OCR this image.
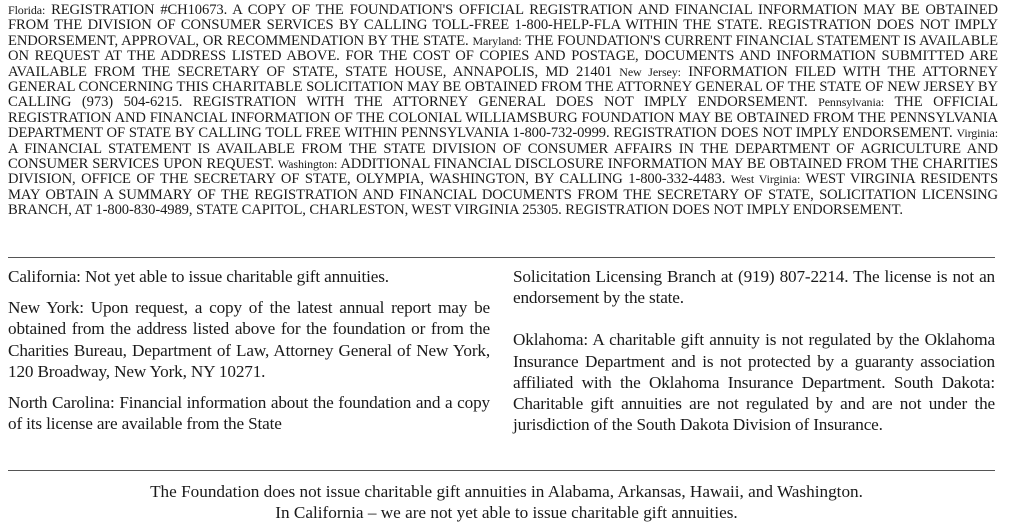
Florida: REGISTRATION #CH10673. A COPY OF THE FOUNDATION'S OFFICIAL REGISTRATION AND FINANCIAL INFORMATION MAY BE OBTAINED FROM THE DIVISION OF CONSUMER SERVICES BY CALLING TOLL-FREE 1-800-HELP-FLA WITHIN THE STATE. REGISTRATION DOES NOT IMPLY ENDORSEMENT, APPROVAL, OR RECOMMENDATION BY THE STATE. Maryland: THE FOUNDATION'S CURRENT FINANCIAL STATEMENT IS AVAILABLE ON REQUEST AT THE ADDRESS LISTED ABOVE. FOR THE COST OF COPIES AND POSTAGE, DOCUMENTS AND INFORMATION SUBMITTED ARE AVAILABLE FROM THE SECRETARY OF STATE, STATE HOUSE, ANNAPOLIS, MD 21401 New Jersey: INFORMATION FILED WITH THE ATTORNEY GENERAL CONCERNING THIS CHARITABLE SOLICITATION MAY BE OBTAINED FROM THE ATTORNEY GENERAL OF THE STATE OF NEW JERSEY BY CALLING (973) 504-6215. REGISTRATION WITH THE ATTORNEY GENERAL DOES NOT IMPLY ENDORSEMENT. Pennsylvania: THE OFFICIAL REGISTRATION AND FINANCIAL INFORMATION OF THE COLONIAL WILLIAMSBURG FOUNDATION MAY BE OBTAINED FROM THE PENNSYLVANIA DEPARTMENT OF STATE BY CALLING TOLL FREE WITHIN PENNSYLVANIA 1-800-732-0999. REGISTRATION DOES NOT IMPLY ENDORSEMENT. Virginia: A FINANCIAL STATEMENT IS AVAILABLE FROM THE STATE DIVISION OF CONSUMER AFFAIRS IN THE DEPARTMENT OF AGRICULTURE AND CONSUMER SERVICES UPON REQUEST. Washington: ADDITIONAL FINANCIAL DISCLOSURE INFORMATION MAY BE OBTAINED FROM THE CHARITIES DIVISION, OFFICE OF THE SECRETARY OF STATE, OLYMPIA, WASHINGTON, BY CALLING 1-800-332-4483. West Virginia: WEST VIRGINIA RESIDENTS MAY OBTAIN A SUMMARY OF THE REGISTRATION AND FINANCIAL DOCUMENTS FROM THE SECRETARY OF STATE, SOLICITATION LICENSING BRANCH, AT 1-800-830-4989, STATE CAPITOL, CHARLESTON, WEST VIRGINIA 25305. REGISTRATION DOES NOT IMPLY ENDORSEMENT.

California: Not yet able to issue charitable gift annuities.

New York: Upon request, a copy of the latest annual report may be obtained from the address listed above for the foundation or from the Charities Bureau, Department of Law, Attorney General of New York, 120 Broadway, New York, NY 10271.

North Carolina: Financial information about the foundation and a copy of its license are available from the State

Solicitation Licensing Branch at (919) 807-2214. The license is not an endorsement by the state.

Oklahoma: A charitable gift annuity is not regulated by the Oklahoma Insurance Department and is not protected by a guaranty association affiliated with the Oklahoma Insurance Department. South Dakota: Charitable gift annuities are not regulated by and are not under the jurisdiction of the South Dakota Division of Insurance.

The Foundation does not issue charitable gift annuities in Alabama, Arkansas, Hawaii, and Washington.
In California – we are not yet able to issue charitable gift annuities.
